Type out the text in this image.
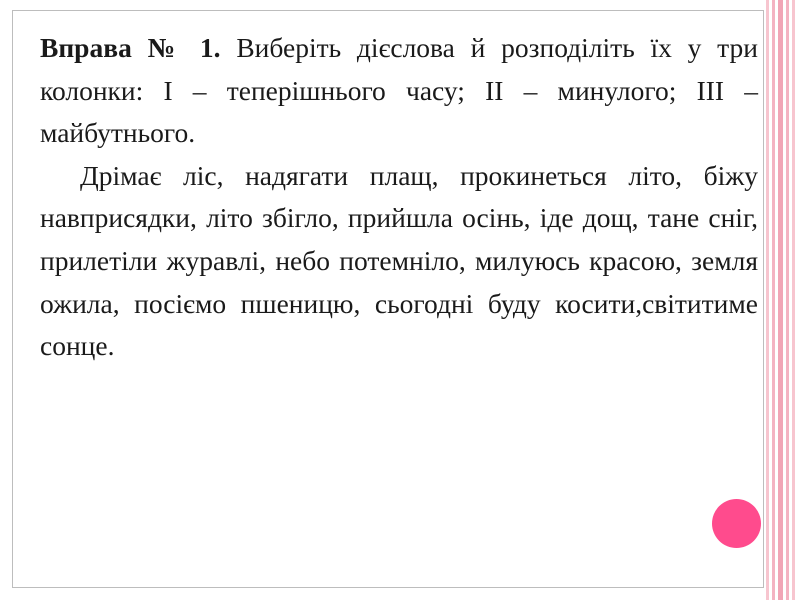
Вправа № 1. Виберіть дієслова й розподіліть їх у три колонки: І – теперішнього часу; ІІ – минулого; ІІІ – майбутнього.

Дрімає ліс, надягати плащ, прокинеться літо, біжу навприсядки, літо збігло, прийшла осінь, іде дощ, тане сніг, прилетіли журавлі, небо потемніло, милуюсь красою, земля ожила, посіємо пшеницю, сьогодні буду косити,світитиме сонце.
